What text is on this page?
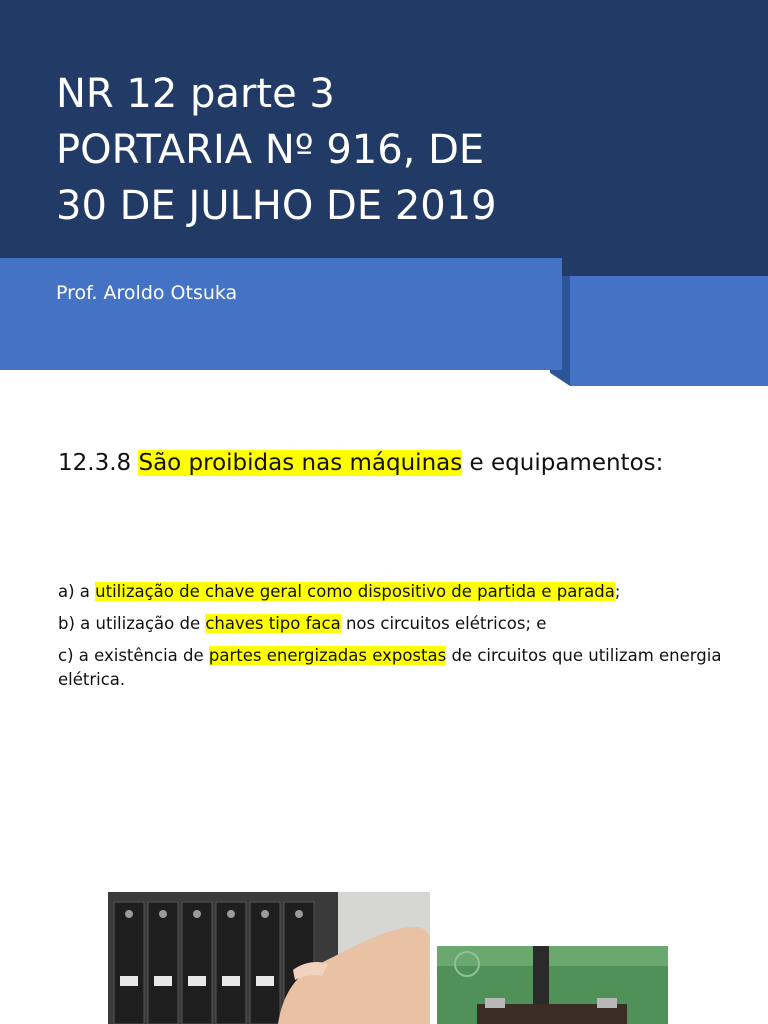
NR 12 parte 3
PORTARIA Nº 916, DE
30 DE JULHO DE 2019

Prof. Aroldo Otsuka

12.3.8 São proibidas nas máquinas e equipamentos:

a) a utilização de chave geral como dispositivo de partida e parada;
b) a utilização de chaves tipo faca nos circuitos elétricos; e
c) a existência de partes energizadas expostas de circuitos que utilizam energia elétrica.
